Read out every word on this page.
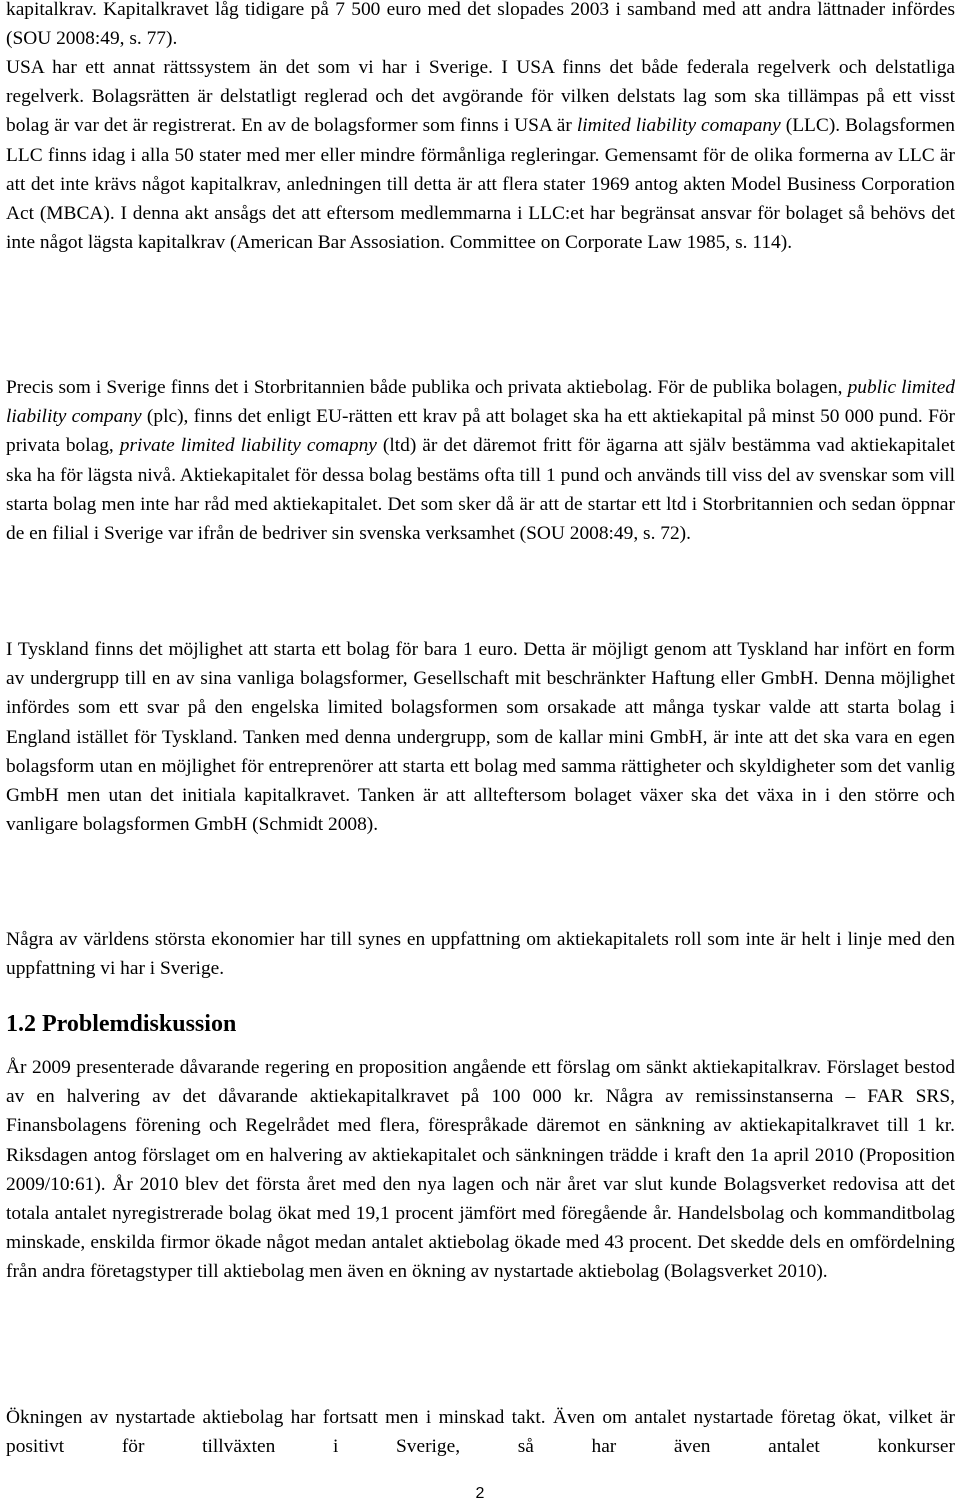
kapitalkrav. Kapitalkravet låg tidigare på 7 500 euro med det slopades 2003 i samband med att andra lättnader infördes (SOU 2008:49, s. 77).

USA har ett annat rättssystem än det som vi har i Sverige. I USA finns det både federala regelverk och delstatliga regelverk. Bolagsrätten är delstatligt reglerad och det avgörande för vilken delstats lag som ska tillämpas på ett visst bolag är var det är registrerat. En av de bolagsformer som finns i USA är limited liability comapany (LLC). Bolagsformen LLC finns idag i alla 50 stater med mer eller mindre förmånliga regleringar. Gemensamt för de olika formerna av LLC är att det inte krävs något kapitalkrav, anledningen till detta är att flera stater 1969 antog akten Model Business Corporation Act (MBCA). I denna akt ansågs det att eftersom medlemmarna i LLC:et har begränsat ansvar för bolaget så behövs det inte något lägsta kapitalkrav (American Bar Assosiation. Committee on Corporate Law 1985, s. 114).

Precis som i Sverige finns det i Storbritannien både publika och privata aktiebolag. För de publika bolagen, public limited liability company (plc), finns det enligt EU-rätten ett krav på att bolaget ska ha ett aktiekapital på minst 50 000 pund. För privata bolag, private limited liability comapny (ltd) är det däremot fritt för ägarna att själv bestämma vad aktiekapitalet ska ha för lägsta nivå. Aktiekapitalet för dessa bolag bestäms ofta till 1 pund och används till viss del av svenskar som vill starta bolag men inte har råd med aktiekapitalet. Det som sker då är att de startar ett ltd i Storbritannien och sedan öppnar de en filial i Sverige var ifrån de bedriver sin svenska verksamhet (SOU 2008:49, s. 72).

I Tyskland finns det möjlighet att starta ett bolag för bara 1 euro. Detta är möjligt genom att Tyskland har infört en form av undergrupp till en av sina vanliga bolagsformer, Gesellschaft mit beschränkter Haftung eller GmbH. Denna möjlighet infördes som ett svar på den engelska limited bolagsformen som orsakade att många tyskar valde att starta bolag i England istället för Tyskland. Tanken med denna undergrupp, som de kallar mini GmbH, är inte att det ska vara en egen bolagsform utan en möjlighet för entreprenörer att starta ett bolag med samma rättigheter och skyldigheter som det vanlig GmbH men utan det initiala kapitalkravet. Tanken är att allteftersom bolaget växer ska det växa in i den större och vanligare bolagsformen GmbH (Schmidt 2008).

Några av världens största ekonomier har till synes en uppfattning om aktiekapitalets roll som inte är helt i linje med den uppfattning vi har i Sverige.

1.2 Problemdiskussion

År 2009 presenterade dåvarande regering en proposition angående ett förslag om sänkt aktiekapitalkrav. Förslaget bestod av en halvering av det dåvarande aktiekapitalkravet på 100 000 kr. Några av remissinstanserna – FAR SRS, Finansbolagens förening och Regelrådet med flera, förespråkade däremot en sänkning av aktiekapitalkravet till 1 kr. Riksdagen antog förslaget om en halvering av aktiekapitalet och sänkningen trädde i kraft den 1a april 2010 (Proposition 2009/10:61). År 2010 blev det första året med den nya lagen och när året var slut kunde Bolagsverket redovisa att det totala antalet nyregistrerade bolag ökat med 19,1 procent jämfört med föregående år. Handelsbolag och kommanditbolag minskade, enskilda firmor ökade något medan antalet aktiebolag ökade med 43 procent. Det skedde dels en omfördelning från andra företagstyper till aktiebolag men även en ökning av nystartade aktiebolag (Bolagsverket 2010).

Ökningen av nystartade aktiebolag har fortsatt men i minskad takt. Även om antalet nystartade företag ökat, vilket är positivt för tillväxten i Sverige, så har även antalet konkurser

2
